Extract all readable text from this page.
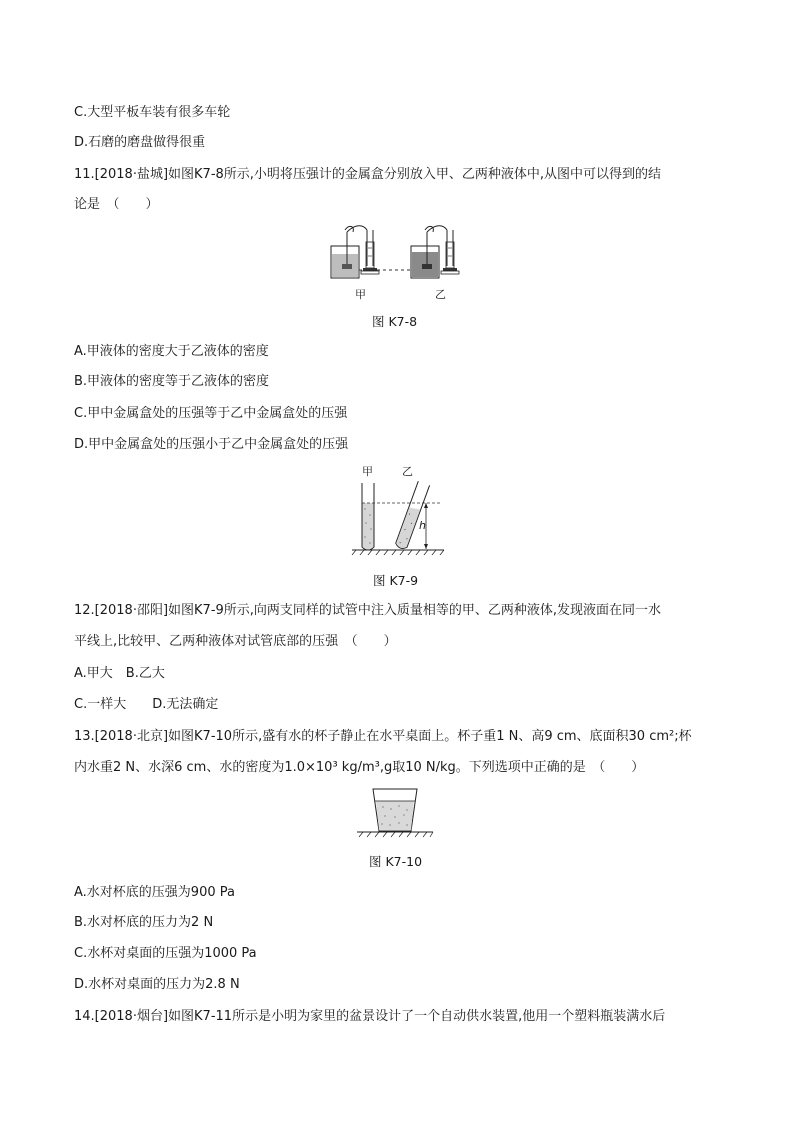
C.大型平板车装有很多车轮
D.石磨的磨盘做得很重
11.[2018·盐城]如图K7-8所示,小明将压强计的金属盒分别放入甲、乙两种液体中,从图中可以得到的结
论是　（　　）
甲	乙
图 K7-8
A.甲液体的密度大于乙液体的密度
B.甲液体的密度等于乙液体的密度
C.甲中金属盒处的压强等于乙中金属盒处的压强
D.甲中金属盒处的压强小于乙中金属盒处的压强
甲	乙
h
图 K7-9
12.[2018·邵阳]如图K7-9所示,向两支同样的试管中注入质量相等的甲、乙两种液体,发现液面在同一水
平线上,比较甲、乙两种液体对试管底部的压强　（　　）
A.甲大　B.乙大
C.一样大　　D.无法确定
13.[2018·北京]如图K7-10所示,盛有水的杯子静止在水平桌面上。杯子重1 N、高9 cm、底面积30 cm²;杯
内水重2 N、水深6 cm、水的密度为1.0×10³ kg/m³,g取10 N/kg。下列选项中正确的是　（　　）
图 K7-10
A.水对杯底的压强为900 Pa
B.水对杯底的压力为2 N
C.水杯对桌面的压强为1000 Pa
D.水杯对桌面的压力为2.8 N
14.[2018·烟台]如图K7-11所示是小明为家里的盆景设计了一个自动供水装置,他用一个塑料瓶装满水后
